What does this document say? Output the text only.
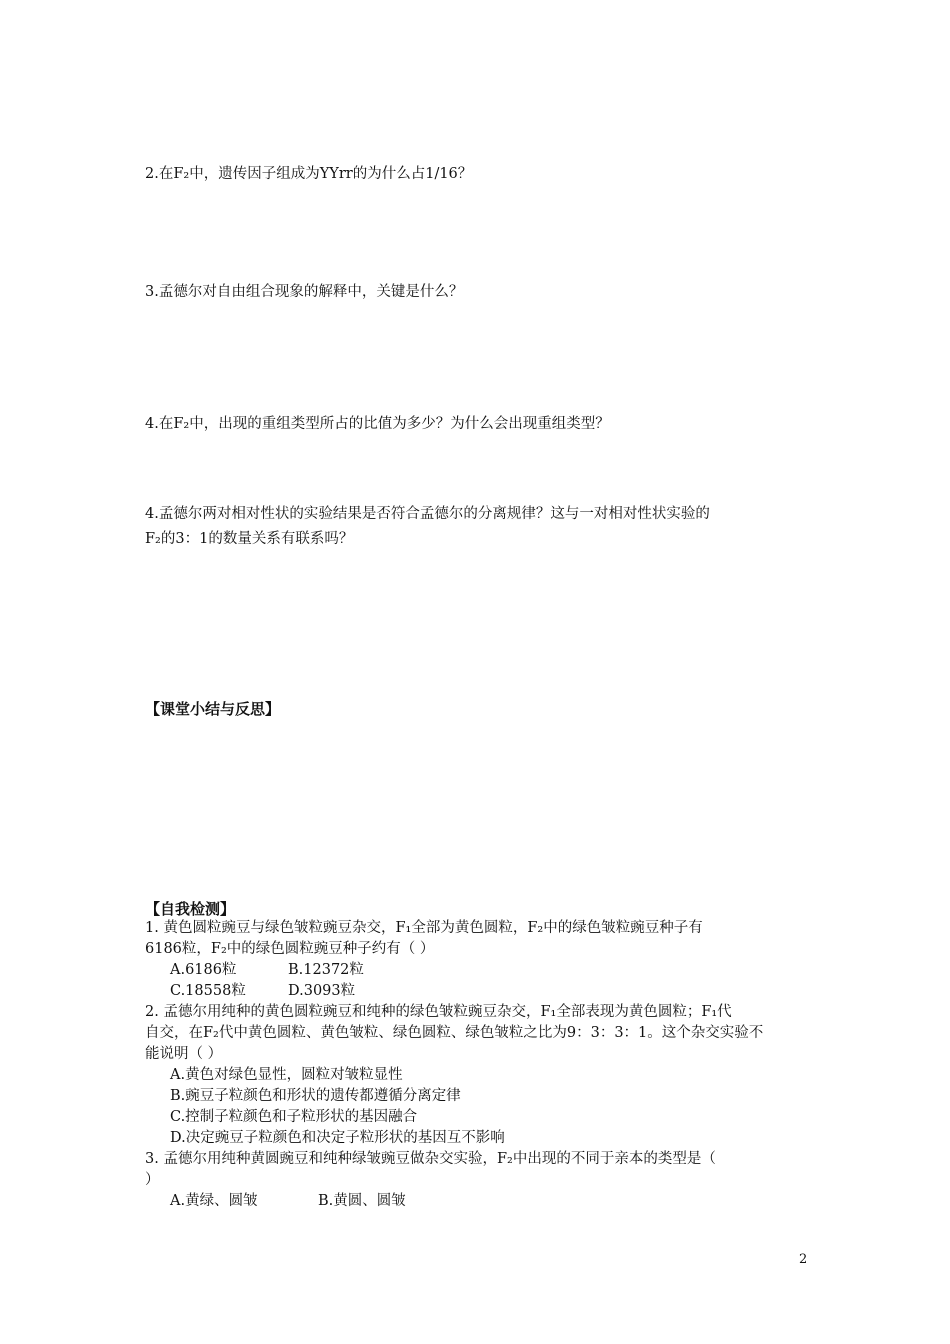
2.在F₂中，遗传因子组成为YYrr的为什么占1/16？
3.孟德尔对自由组合现象的解释中，关键是什么？
4.在F₂中，出现的重组类型所占的比值为多少？为什么会出现重组类型？
4.孟德尔两对相对性状的实验结果是否符合孟德尔的分离规律？这与一对相对性状实验的
F₂的3：1的数量关系有联系吗？
【课堂小结与反思】
【自我检测】
1. 黄色圆粒豌豆与绿色皱粒豌豆杂交，F₁全部为黄色圆粒，F₂中的绿色皱粒豌豆种子有
6186粒，F₂中的绿色圆粒豌豆种子约有（ ）
A.6186粒	B.12372粒
C.18558粒	D.3093粒
2. 孟德尔用纯种的黄色圆粒豌豆和纯种的绿色皱粒豌豆杂交，F₁全部表现为黄色圆粒；F₁代
自交，在F₂代中黄色圆粒、黄色皱粒、绿色圆粒、绿色皱粒之比为9：3：3：1。这个杂交实验不
能说明（ ）
A.黄色对绿色显性，圆粒对皱粒显性
B.豌豆子粒颜色和形状的遗传都遵循分离定律
C.控制子粒颜色和子粒形状的基因融合
D.决定豌豆子粒颜色和决定子粒形状的基因互不影响
3. 孟德尔用纯种黄圆豌豆和纯种绿皱豌豆做杂交实验，F₂中出现的不同于亲本的类型是（
）
A.黄绿、圆皱	B.黄圆、圆皱
2
